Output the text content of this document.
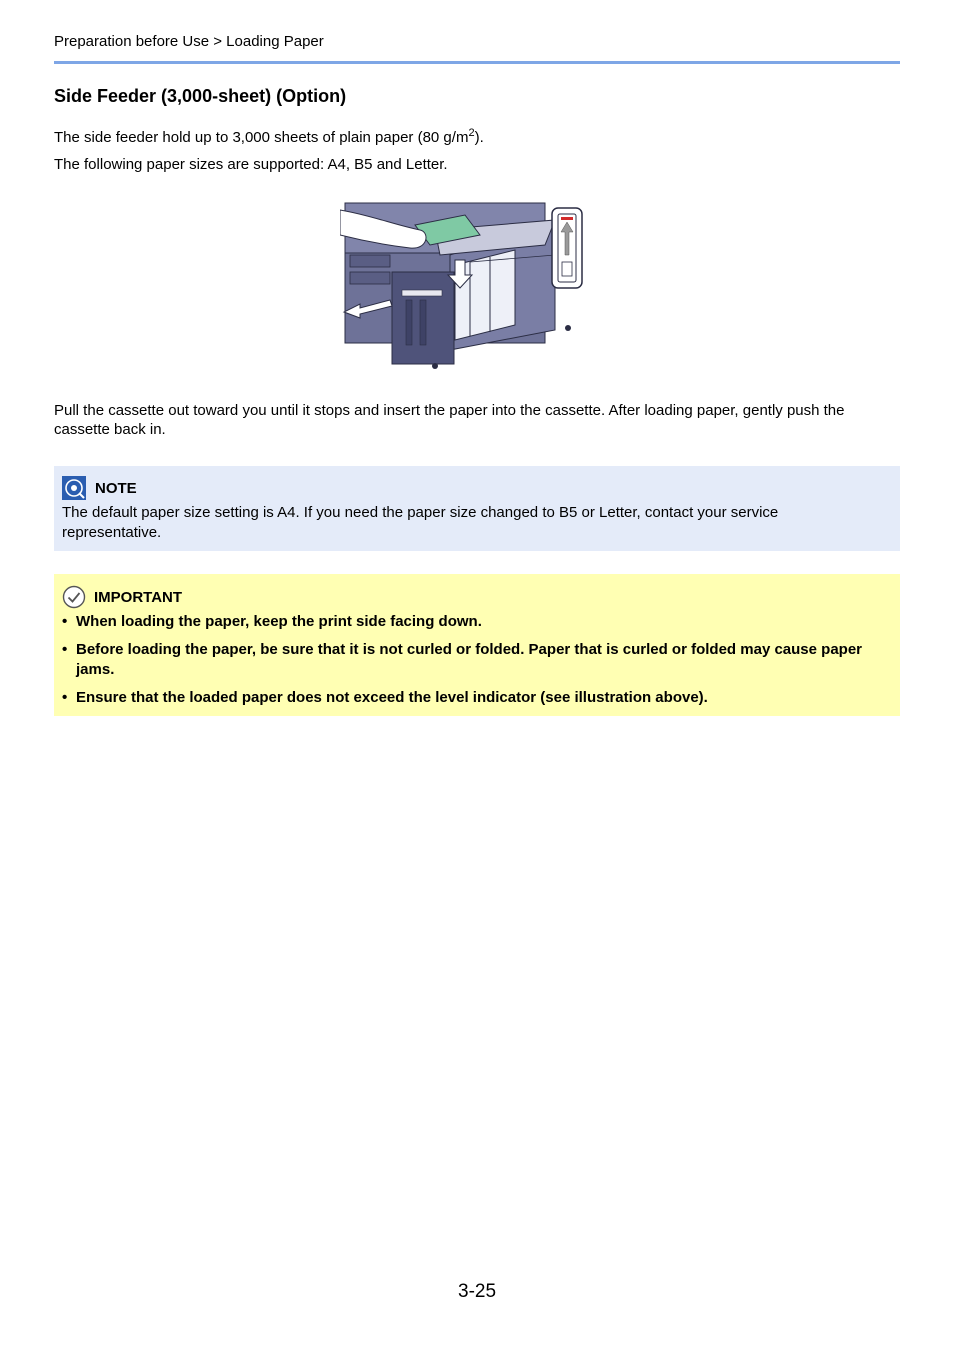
Preparation before Use > Loading Paper
Side Feeder (3,000-sheet) (Option)

The side feeder hold up to 3,000 sheets of plain paper (80 $g/m^2$).

The following paper sizes are supported: A4, B5 and Letter.

Pull the cassette out toward you until it stops and insert the paper into the cassette. After loading paper, gently push the cassette back in.

NOTE

The default paper size setting is A4. If you need the paper size changed to B5 or Letter, contact your service representative.

IMPORTANT
• When loading the paper, keep the print side facing down.
• Before loading the paper, be sure that it is not curled or folded. Paper that is curled or folded may cause paper jams.
• Ensure that the loaded paper does not exceed the level indicator (see illustration above).
3-25
